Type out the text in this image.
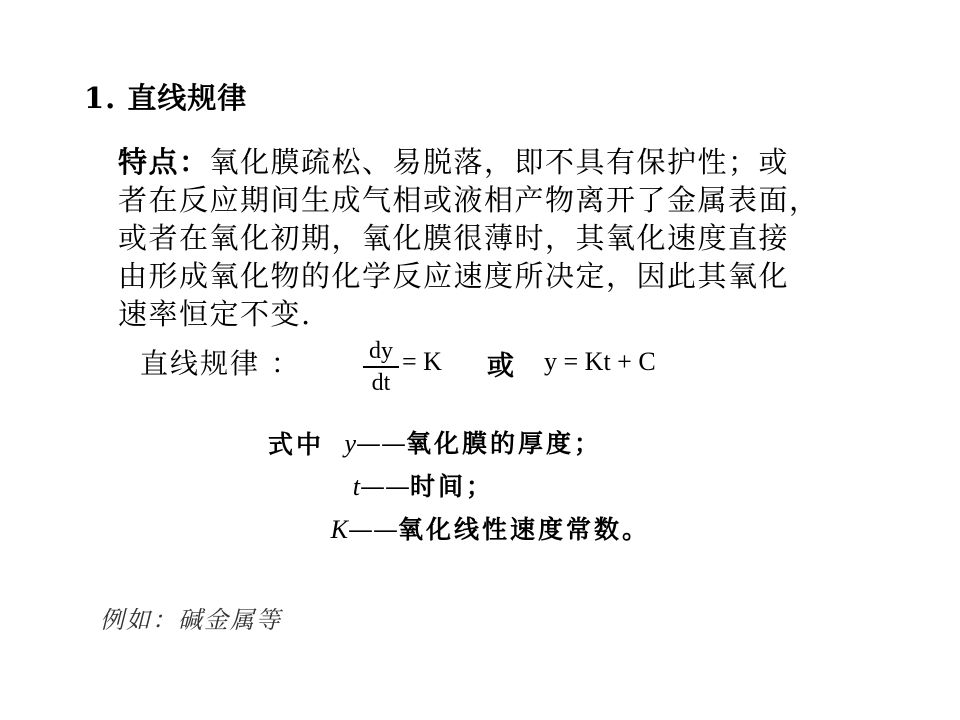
1. 直线规律
特点：氧化膜疏松、易脱落，即不具有保护性；或
者在反应期间生成气相或液相产物离开了金属表面，
或者在氧化初期，氧化膜很薄时，其氧化速度直接
由形成氧化物的化学反应速度所决定，因此其氧化
速率恒定不变.
直线规律 ：	dy
dt
= K 或 y = Kt + C
式中 y——氧化膜的厚度；
t——时间；
K——氧化线性速度常数。
例如：碱金属等
